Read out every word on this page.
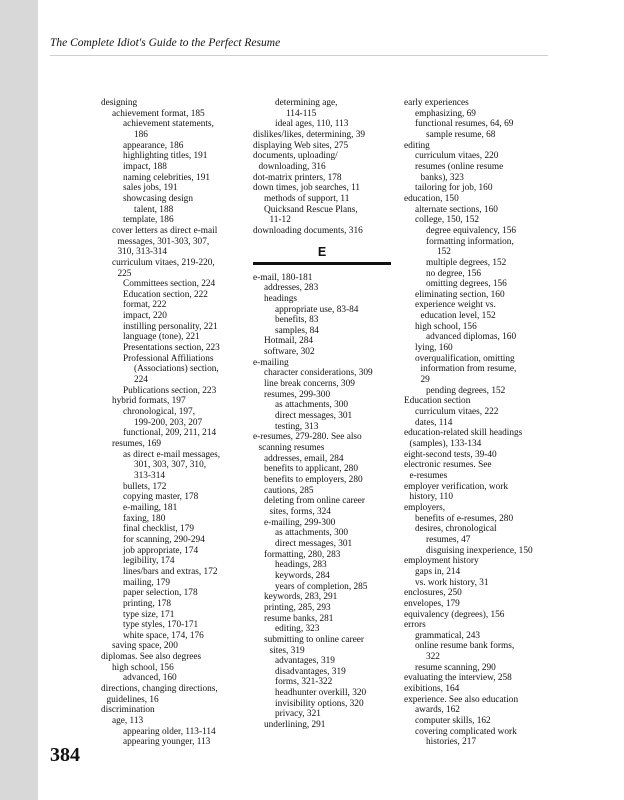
The Complete Idiot's Guide to the Perfect Resume
designing
achievement format, 185
achievement statements,
186
appearance, 186
highlighting titles, 191
impact, 188
naming celebrities, 191
sales jobs, 191
showcasing design
talent, 188
template, 186
cover letters as direct e-mail
messages, 301-303, 307,
310, 313-314
curriculum vitaes, 219-220,
225
Committees section, 224
Education section, 222
format, 222
impact, 220
instilling personality, 221
language (tone), 221
Presentations section, 223
Professional Affiliations
(Associations) section,
224
Publications section, 223
hybrid formats, 197
chronological, 197,
199-200, 203, 207
functional, 209, 211, 214
resumes, 169
as direct e-mail messages,
301, 303, 307, 310,
313-314
bullets, 172
copying master, 178
e-mailing, 181
faxing, 180
final checklist, 179
for scanning, 290-294
job appropriate, 174
legibility, 174
lines/bars and extras, 172
mailing, 179
paper selection, 178
printing, 178
type size, 171
type styles, 170-171
white space, 174, 176
saving space, 200
diplomas. See also degrees
high school, 156
advanced, 160
directions, changing directions,
guidelines, 16
discrimination
age, 113
appearing older, 113-114
appearing younger, 113
determining age,
114-115
ideal ages, 110, 113
dislikes/likes, determining, 39
displaying Web sites, 275
documents, uploading/
downloading, 316
dot-matrix printers, 178
down times, job searches, 11
methods of support, 11
Quicksand Rescue Plans,
11-12
downloading documents, 316
E
e-mail, 180-181
addresses, 283
headings
appropriate use, 83-84
benefits, 83
samples, 84
Hotmail, 284
software, 302
e-mailing
character considerations, 309
line break concerns, 309
resumes, 299-300
as attachments, 300
direct messages, 301
testing, 313
e-resumes, 279-280. See also
scanning resumes
addresses, email, 284
benefits to applicant, 280
benefits to employers, 280
cautions, 285
deleting from online career
sites, forms, 324
e-mailing, 299-300
as attachments, 300
direct messages, 301
formatting, 280, 283
headings, 283
keywords, 284
years of completion, 285
keywords, 283, 291
printing, 285, 293
resume banks, 281
editing, 323
submitting to online career
sites, 319
advantages, 319
disadvantages, 319
forms, 321-322
headhunter overkill, 320
invisibility options, 320
privacy, 321
underlining, 291
early experiences
emphasizing, 69
functional resumes, 64, 69
sample resume, 68
editing
curriculum vitaes, 220
resumes (online resume
banks), 323
tailoring for job, 160
education, 150
alternate sections, 160
college, 150, 152
degree equivalency, 156
formatting information,
152
multiple degrees, 152
no degree, 156
omitting degrees, 156
eliminating section, 160
experience weight vs.
education level, 152
high school, 156
advanced diplomas, 160
lying, 160
overqualification, omitting
information from resume,
29
pending degrees, 152
Education section
curriculum vitaes, 222
dates, 114
education-related skill headings
(samples), 133-134
eight-second tests, 39-40
electronic resumes. See
e-resumes
employer verification, work
history, 110
employers,
benefits of e-resumes, 280
desires, chronological
resumes, 47
disguising inexperience, 150
employment history
gaps in, 214
vs. work history, 31
enclosures, 250
envelopes, 179
equivalency (degrees), 156
errors
grammatical, 243
online resume bank forms,
322
resume scanning, 290
evaluating the interview, 258
exibitions, 164
experience. See also education
awards, 162
computer skills, 162
covering complicated work
histories, 217
384
